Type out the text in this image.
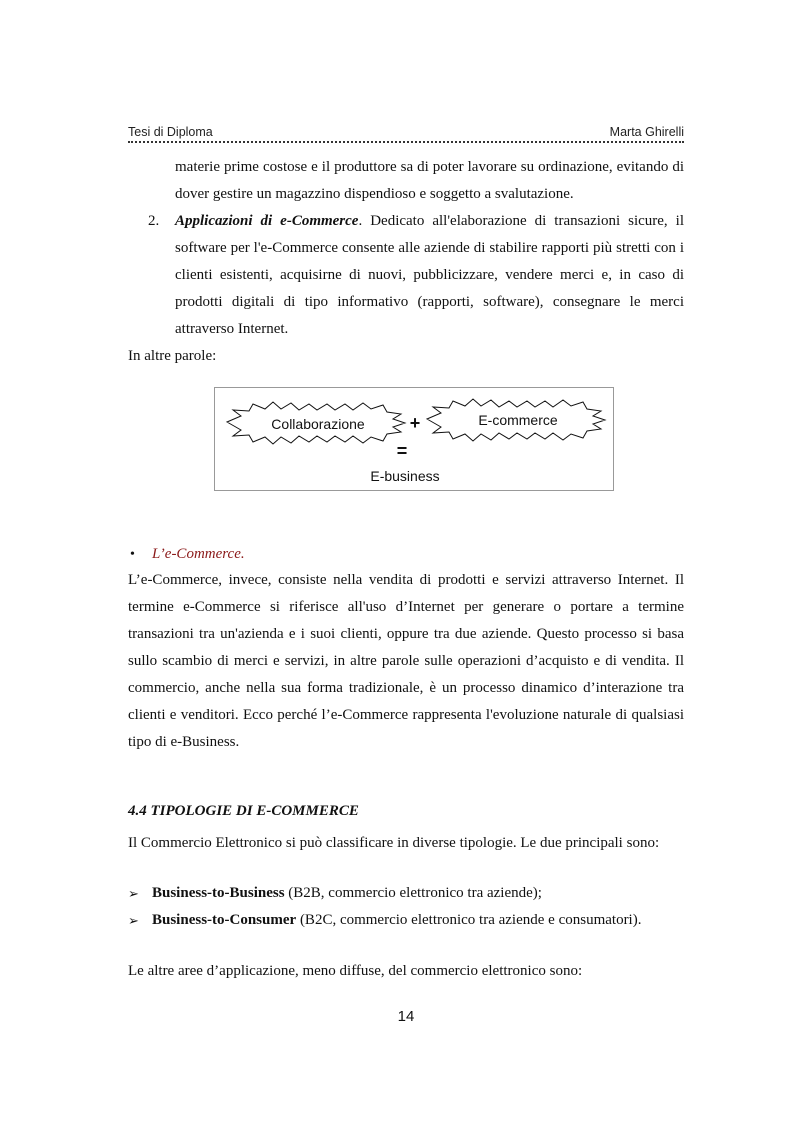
Tesi di Diploma	Marta Ghirelli
materie prime costose e il produttore sa di poter lavorare su ordinazione, evitando di dover gestire un magazzino dispendioso e soggetto a svalutazione.
2. Applicazioni di e-Commerce. Dedicato all'elaborazione di transazioni sicure, il software per l'e-Commerce consente alle aziende di stabilire rapporti più stretti con i clienti esistenti, acquisirne di nuovi, pubblicizzare, vendere merci e, in caso di prodotti digitali di tipo informativo (rapporti, software), consegnare le merci attraverso Internet.
In altre parole:
Collaborazione	+	E-commerce
=
E-business
• L’e-Commerce.
L’e-Commerce, invece, consiste nella vendita di prodotti e servizi attraverso Internet. Il termine e-Commerce si riferisce all'uso d’Internet per generare o portare a termine transazioni tra un'azienda e i suoi clienti, oppure tra due aziende. Questo processo si basa sullo scambio di merci e servizi, in altre parole sulle operazioni d’acquisto e di vendita. Il commercio, anche nella sua forma tradizionale, è un processo dinamico d’interazione tra clienti e venditori. Ecco perché l’e-Commerce rappresenta l'evoluzione naturale di qualsiasi tipo di e-Business.
4.4 TIPOLOGIE DI E-COMMERCE
Il Commercio Elettronico si può classificare in diverse tipologie. Le due principali sono:
➢ Business-to-Business (B2B, commercio elettronico tra aziende);
➢ Business-to-Consumer (B2C, commercio elettronico tra aziende e consumatori).
Le altre aree d’applicazione, meno diffuse, del commercio elettronico sono:
14
